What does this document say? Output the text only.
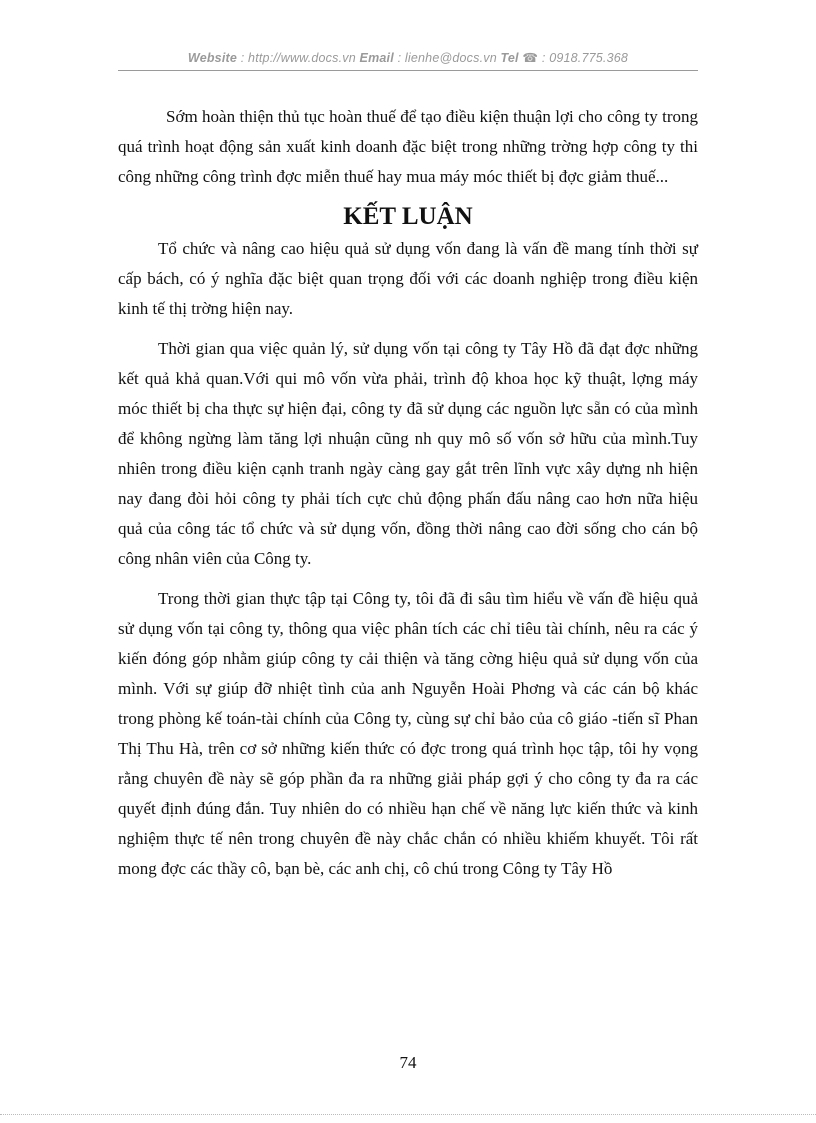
Website : http://www.docs.vn Email : lienhe@docs.vn Tel ☎ : 0918.775.368

Sớm hoàn thiện thủ tục hoàn thuế để tạo điều kiện thuận lợi cho công ty trong quá trình hoạt động sản xuất kinh doanh đặc biệt trong những trờng hợp công ty thi công những công trình đợc miễn thuế hay mua máy móc thiết bị đợc giảm thuế...

KẾT LUẬN

Tổ chức và nâng cao hiệu quả sử dụng vốn đang là vấn đề mang tính thời sự cấp bách, có ý nghĩa đặc biệt quan trọng đối với các doanh nghiệp trong điều kiện kinh tế thị trờng hiện nay.

Thời gian qua việc quản lý, sử dụng vốn tại công ty Tây Hồ đã đạt đợc những kết quả khả quan.Với qui mô vốn vừa phải, trình độ khoa học kỹ thuật, lợng máy móc thiết bị cha thực sự hiện đại, công ty đã sử dụng các nguồn lực sẵn có của mình để không ngừng làm tăng lợi nhuận cũng nh quy mô số vốn sở hữu của mình.Tuy nhiên trong điều kiện cạnh tranh ngày càng gay gắt trên lĩnh vực xây dựng nh hiện nay đang đòi hỏi công ty phải tích cực chủ động phấn đấu nâng cao hơn nữa hiệu quả của công tác tổ chức và sử dụng vốn, đồng thời nâng cao đời sống cho cán bộ công nhân viên của Công ty.

Trong thời gian thực tập tại Công ty, tôi đã đi sâu tìm hiểu về vấn đề hiệu quả sử dụng vốn tại công ty, thông qua việc phân tích các chỉ tiêu tài chính, nêu ra các ý kiến đóng góp nhằm giúp công ty cải thiện và tăng cờng hiệu quả sử dụng vốn của mình. Với sự giúp đỡ nhiệt tình của anh Nguyễn Hoài Phơng và các cán bộ khác trong phòng kế toán-tài chính của Công ty, cùng sự chỉ bảo của cô giáo -tiến sĩ Phan Thị Thu Hà, trên cơ sở những kiến thức có đợc trong quá trình học tập, tôi hy vọng rằng chuyên đề này sẽ góp phần đa ra những giải pháp gợi ý cho công ty đa ra các quyết định đúng đắn. Tuy nhiên do có nhiều hạn chế về năng lực kiến thức và kinh nghiệm thực tế nên trong chuyên đề này chắc chắn có nhiều khiếm khuyết. Tôi rất mong đợc các thầy cô, bạn bè, các anh chị, cô chú trong Công ty Tây Hồ

74
